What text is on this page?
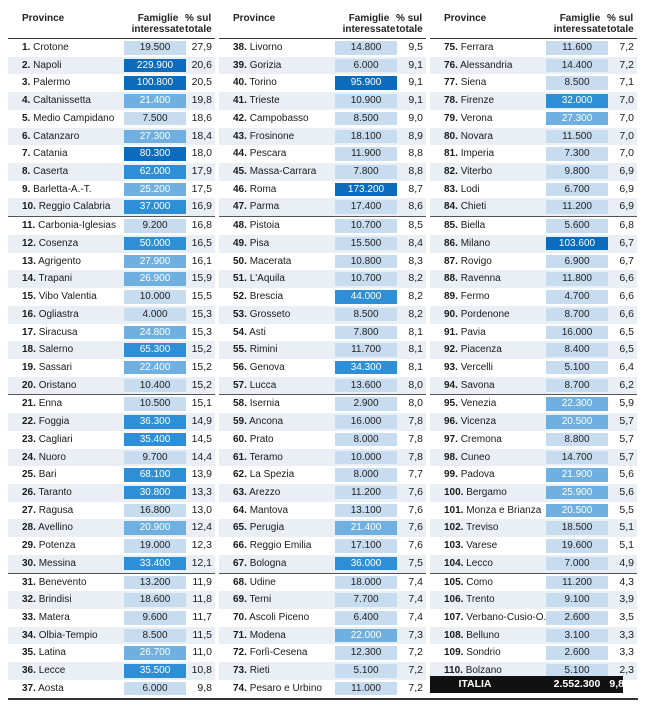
Province	Famiglie
interessate
% sul
totale
1. Crotone	19.500	27,9
2. Napoli	229.900	20,6
3. Palermo	100.800	20,5
4. Caltanissetta	21.400	19,8
5. Medio Campidano	7.500	18,6
6. Catanzaro	27.300	18,4
7. Catania	80.300	18,0
8. Caserta	62.000	17,9
9. Barletta-A.-T.	25.200	17,5
10. Reggio Calabria	37.000	16,9
11. Carbonia-Iglesias	9.200	16,8
12. Cosenza	50.000	16,5
13. Agrigento	27.900	16,1
14. Trapani	26.900	15,9
15. Vibo Valentia	10.000	15,5
16. Ogliastra	4.000	15,3
17. Siracusa	24.800	15,3
18. Salerno	65.300	15,2
19. Sassari	22.400	15,2
20. Oristano	10.400	15,2
21. Enna	10.500	15,1
22. Foggia	36.300	14,9
23. Cagliari	35.400	14,5
24. Nuoro	9.700	14,4
25. Bari	68.100	13,9
26. Taranto	30.800	13,3
27. Ragusa	16.800	13,0
28. Avellino	20.900	12,4
29. Potenza	19.000	12,3
30. Messina	33.400	12,1
31. Benevento	13.200	11,9
32. Brindisi	18.600	11,8
33. Matera	9.600	11,7
34. Olbia-Tempio	8.500	11,5
35. Latina	26.700	11,0
36. Lecce	35.500	10,8
37. Aosta	6.000	9,8
Province	Famiglie
interessate
% sul
totale
38. Livorno	14.800	9,5
39. Gorizia	6.000	9,1
40. Torino	95.900	9,1
41. Trieste	10.900	9,1
42. Campobasso	8.500	9,0
43. Frosinone	18.100	8,9
44. Pescara	11.900	8,8
45. Massa-Carrara	7.800	8,8
46. Roma	173.200	8,7
47. Parma	17.400	8,6
48. Pistoia	10.700	8,5
49. Pisa	15.500	8,4
50. Macerata	10.800	8,3
51. L'Aquila	10.700	8,2
52. Brescia	44.000	8,2
53. Grosseto	8.500	8,2
54. Asti	7.800	8,1
55. Rimini	11.700	8,1
56. Genova	34.300	8,1
57. Lucca	13.600	8,0
58. Isernia	2.900	8,0
59. Ancona	16.000	7,8
60. Prato	8.000	7,8
61. Teramo	10.000	7,8
62. La Spezia	8.000	7,7
63. Arezzo	11.200	7,6
64. Mantova	13.100	7,6
65. Perugia	21.400	7,6
66. Reggio Emilia	17.100	7,6
67. Bologna	36.000	7,5
68. Udine	18.000	7,4
69. Terni	7.700	7,4
70. Ascoli Piceno	6.400	7,4
71. Modena	22.000	7,3
72. Forlì-Cesena	12.300	7,2
73. Rieti	5.100	7,2
74. Pesaro e Urbino	11.000	7,2
Province	Famiglie
interessate
% sul
totale
75. Ferrara	11.600	7,2
76. Alessandria	14.400	7,2
77. Siena	8.500	7,1
78. Firenze	32.000	7,0
79. Verona	27.300	7,0
80. Novara	11.500	7,0
81. Imperia	7.300	7,0
82. Viterbo	9.800	6,9
83. Lodi	6.700	6,9
84. Chieti	11.200	6,9
85. Biella	5.600	6,8
86. Milano	103.600	6,7
87. Rovigo	6.900	6,7
88. Ravenna	11.800	6,6
89. Fermo	4.700	6,6
90. Pordenone	8.700	6,6
91. Pavia	16.000	6,5
92. Piacenza	8.400	6,5
93. Vercelli	5.100	6,4
94. Savona	8.700	6,2
95. Venezia	22.300	5,9
96. Vicenza	20.500	5,7
97. Cremona	8.800	5,7
98. Cuneo	14.700	5,7
99. Padova	21.900	5,6
100. Bergamo	25.900	5,6
101. Monza e Brianza	20.500	5,5
102. Treviso	18.500	5,1
103. Varese	19.600	5,1
104. Lecco	7.000	4,9
105. Como	11.200	4,3
106. Trento	9.100	3,9
107. Verbano-Cusio-O.	2.600	3,5
108. Belluno	3.100	3,3
109. Sondrio	2.600	3,3
110. Bolzano	5.100	2,3
ITALIA	2.552.300 9,8
